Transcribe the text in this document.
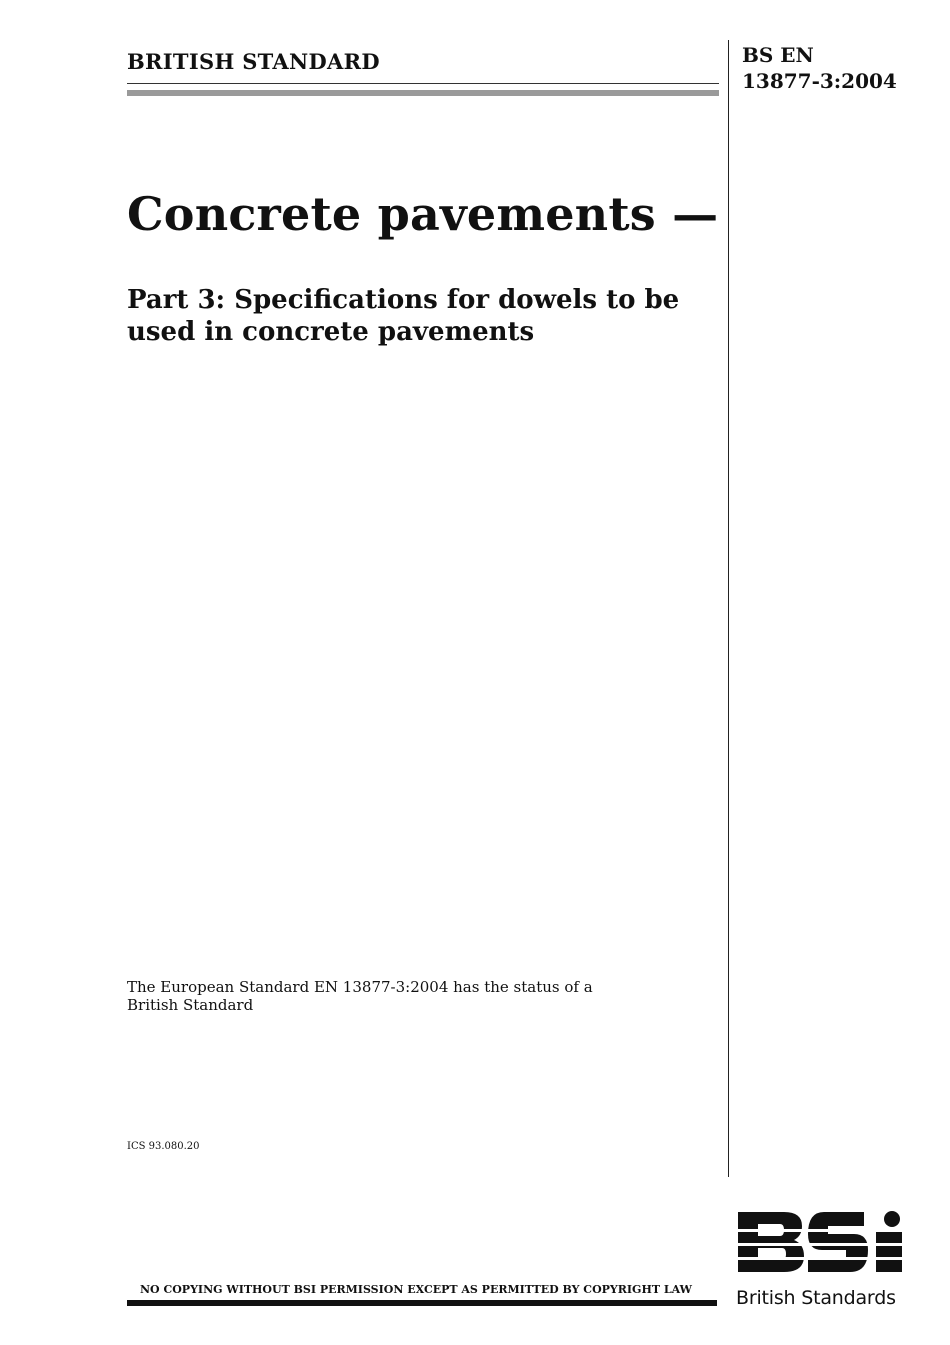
BRITISH STANDARD	BS EN
13877-3:2004
Concrete pavements —
Part 3: Specifications for dowels to be
used in concrete pavements
The European Standard EN 13877-3:2004 has the status of a
British Standard
ICS 93.080.20
NO COPYING WITHOUT BSI PERMISSION EXCEPT AS PERMITTED BY COPYRIGHT LAW British Standards
